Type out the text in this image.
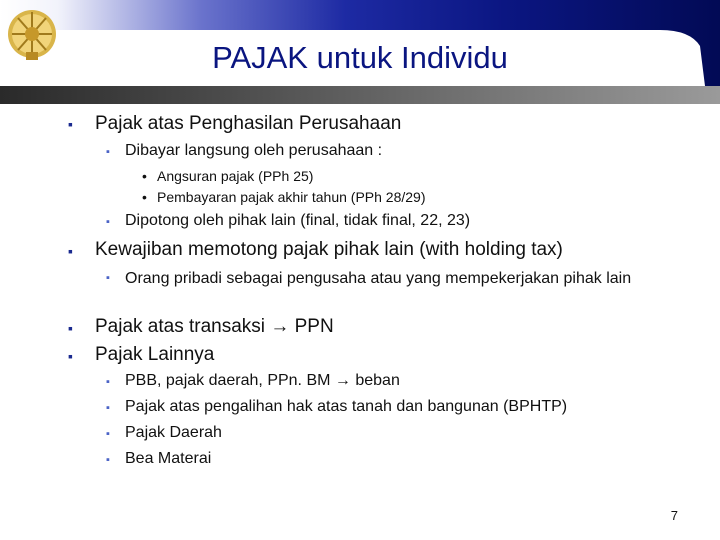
PAJAK untuk Individu
▪ Pajak atas Penghasilan Perusahaan
▪ Dibayar langsung oleh perusahaan :
• Angsuran pajak (PPh 25)
• Pembayaran pajak akhir tahun (PPh 28/29)
▪ Dipotong oleh pihak lain (final, tidak final, 22, 23)
▪ Kewajiban memotong pajak pihak lain (with holding tax)
▪ Orang pribadi sebagai pengusaha atau yang mempekerjakan pihak lain
▪ Pajak atas transaksi → PPN
▪ Pajak Lainnya
▪ PBB, pajak daerah, PPn. BM → beban
▪ Pajak atas pengalihan hak atas tanah dan bangunan (BPHTP)
▪ Pajak Daerah
▪ Bea Materai
7
